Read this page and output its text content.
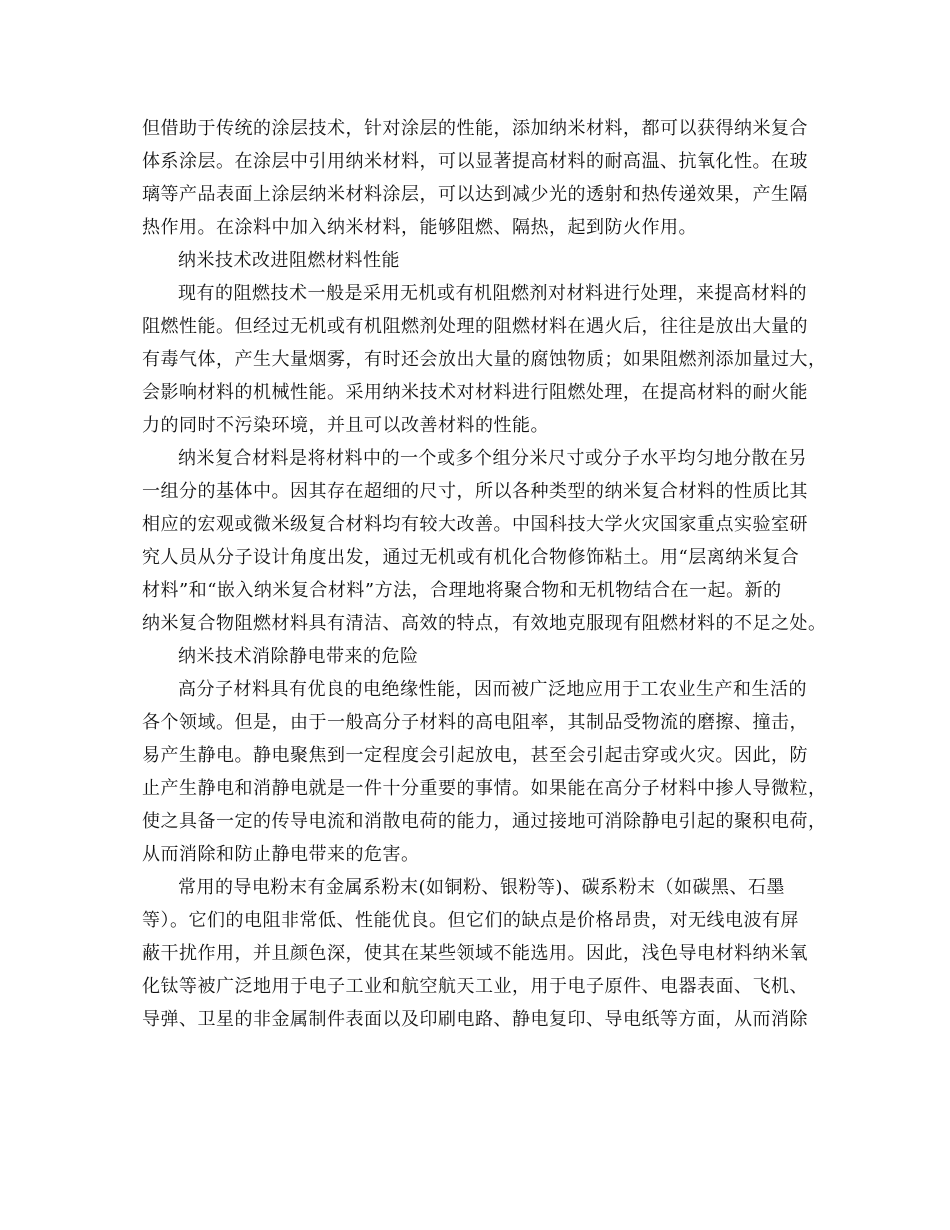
但借助于传统的涂层技术，针对涂层的性能，添加纳米材料，都可以获得纳米复合

体系涂层。在涂层中引用纳米材料，可以显著提高材料的耐高温、抗氧化性。在玻

璃等产品表面上涂层纳米材料涂层，可以达到减少光的透射和热传递效果，产生隔

热作用。在涂料中加入纳米材料，能够阻燃、隔热，起到防火作用。

纳米技术改进阻燃材料性能

现有的阻燃技术一般是采用无机或有机阻燃剂对材料进行处理，来提高材料的

阻燃性能。但经过无机或有机阻燃剂处理的阻燃材料在遇火后，往往是放出大量的

有毒气体，产生大量烟雾，有时还会放出大量的腐蚀物质；如果阻燃剂添加量过大，

会影响材料的机械性能。采用纳米技术对材料进行阻燃处理，在提高材料的耐火能

力的同时不污染环境，并且可以改善材料的性能。

纳米复合材料是将材料中的一个或多个组分米尺寸或分子水平均匀地分散在另

一组分的基体中。因其存在超细的尺寸，所以各种类型的纳米复合材料的性质比其

相应的宏观或微米级复合材料均有较大改善。中国科技大学火灾国家重点实验室研

究人员从分子设计角度出发，通过无机或有机化合物修饰粘土。用“层离纳米复合

材料”和“嵌入纳米复合材料”方法，合理地将聚合物和无机物结合在一起。新的

纳米复合物阻燃材料具有清洁、高效的特点，有效地克服现有阻燃材料的不足之处。

纳米技术消除静电带来的危险

高分子材料具有优良的电绝缘性能，因而被广泛地应用于工农业生产和生活的

各个领域。但是，由于一般高分子材料的高电阻率，其制品受物流的磨擦、撞击，

易产生静电。静电聚焦到一定程度会引起放电，甚至会引起击穿或火灾。因此，防

止产生静电和消静电就是一件十分重要的事情。如果能在高分子材料中掺人导微粒，

使之具备一定的传导电流和消散电荷的能力，通过接地可消除静电引起的聚积电荷，

从而消除和防止静电带来的危害。

常用的导电粉末有金属系粉末(如铜粉、银粉等)、碳系粉末（如碳黑、石墨

等）。它们的电阻非常低、性能优良。但它们的缺点是价格昂贵，对无线电波有屏

蔽干扰作用，并且颜色深，使其在某些领域不能选用。因此，浅色导电材料纳米氧

化钛等被广泛地用于电子工业和航空航天工业，用于电子原件、电器表面、飞机、

导弹、卫星的非金属制件表面以及印刷电路、静电复印、导电纸等方面，从而消除
